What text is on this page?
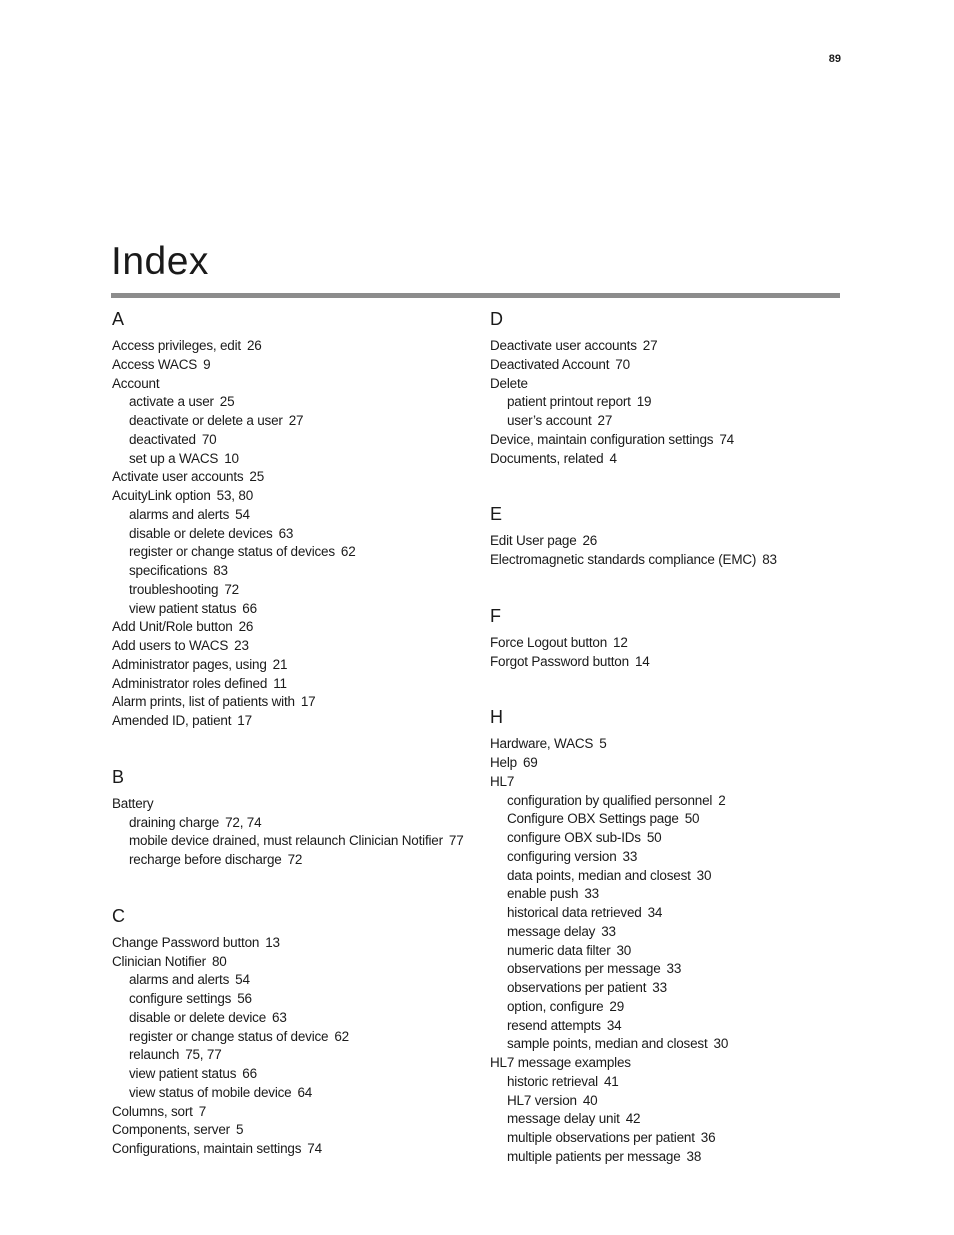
89
Index
A
Access privileges, edit 26
Access WACS 9
Account
activate a user 25
deactivate or delete a user 27
deactivated 70
set up a WACS 10
Activate user accounts 25
AcuityLink option 53, 80
alarms and alerts 54
disable or delete devices 63
register or change status of devices 62
specifications 83
troubleshooting 72
view patient status 66
Add Unit/Role button 26
Add users to WACS 23
Administrator pages, using 21
Administrator roles defined 11
Alarm prints, list of patients with 17
Amended ID, patient 17
B
Battery
draining charge 72, 74
mobile device drained, must relaunch Clinician Notifier 77
recharge before discharge 72
C
Change Password button 13
Clinician Notifier 80
alarms and alerts 54
configure settings 56
disable or delete device 63
register or change status of device 62
relaunch 75, 77
view patient status 66
view status of mobile device 64
Columns, sort 7
Components, server 5
Configurations, maintain settings 74
D
Deactivate user accounts 27
Deactivated Account 70
Delete
patient printout report 19
user’s account 27
Device, maintain configuration settings 74
Documents, related 4
E
Edit User page 26
Electromagnetic standards compliance (EMC) 83
F
Force Logout button 12
Forgot Password button 14
H
Hardware, WACS 5
Help 69
HL7
configuration by qualified personnel 2
Configure OBX Settings page 50
configure OBX sub-IDs 50
configuring version 33
data points, median and closest 30
enable push 33
historical data retrieved 34
message delay 33
numeric data filter 30
observations per message 33
observations per patient 33
option, configure 29
resend attempts 34
sample points, median and closest 30
HL7 message examples
historic retrieval 41
HL7 version 40
message delay unit 42
multiple observations per patient 36
multiple patients per message 38
